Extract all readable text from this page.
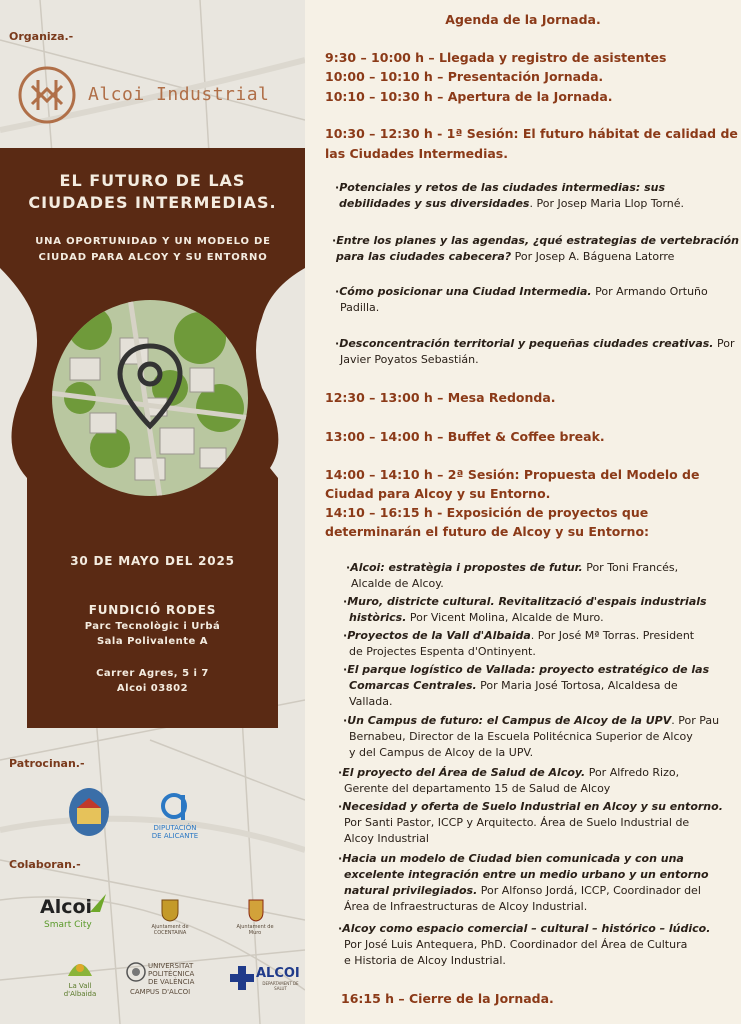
Organiza.-
Alcoi Industrial
EL FUTURO DE LAS
CIUDADES INTERMEDIAS.
UNA OPORTUNIDAD Y UN MODELO DE
CIUDAD PARA ALCOY Y SU ENTORNO
30 DE MAYO DEL 2025
FUNDICIÓ RODES
Parc Tecnològic i Urbá
Sala Polivalente A
Carrer Agres, 5 i 7
Alcoi 03802
Patrocinan.-
DIPUTACIÓN DE ALICANTE
Colaboran.-
Alcoi
Smart City	Ajuntament de COCENTAINA
Ajuntament de Muro
La Vall d'Albaida
UNIVERSITAT
POLITÈCNICA
DE VALÈNCIA
CAMPUS D'ALCOI
ALCOI
DEPARTAMENT DE SALUT
Agenda de la Jornada.
9:30 – 10:00 h – Llegada y registro de asistentes
10:00 – 10:10 h – Presentación Jornada.
10:10 – 10:30 h – Apertura de la Jornada.
10:30 – 12:30 h - 1ª Sesión: El futuro hábitat de calidad de
las Ciudades Intermedias.
·Potenciales y retos de las ciudades intermedias: sus
debilidades y sus diversidades. Por Josep Maria Llop Torné.
·Entre los planes y las agendas, ¿qué estrategias de vertebración
para las ciudades cabecera? Por Josep A. Báguena Latorre
·Cómo posicionar una Ciudad Intermedia. Por Armando Ortuño
Padilla.
·Desconcentración territorial y pequeñas ciudades creativas. Por
Javier Poyatos Sebastián.
12:30 – 13:00 h – Mesa Redonda.
13:00 – 14:00 h – Buffet & Coffee break.
14:00 – 14:10 h – 2ª Sesión: Propuesta del Modelo de
Ciudad para Alcoy y su Entorno.
14:10 – 16:15 h - Exposición de proyectos que
determinarán el futuro de Alcoy y su Entorno:
·Alcoi: estratègia i propostes de futur. Por Toni Francés,
Alcalde de Alcoy.
·Muro, districte cultural. Revitalització d'espais industrials
històrics. Por Vicent Molina, Alcalde de Muro.
·Proyectos de la Vall d'Albaida. Por José Mª Torras. President
de Projectes Espenta d'Ontinyent.
·El parque logístico de Vallada: proyecto estratégico de las
Comarcas Centrales. Por Maria José Tortosa, Alcaldesa de
Vallada.
·Un Campus de futuro: el Campus de Alcoy de la UPV. Por Pau
Bernabeu, Director de la Escuela Politécnica Superior de Alcoy
y del Campus de Alcoy de la UPV.
·El proyecto del Área de Salud de Alcoy. Por Alfredo Rizo,
Gerente del departamento 15 de Salud de Alcoy
·Necesidad y oferta de Suelo Industrial en Alcoy y su entorno.
Por Santi Pastor, ICCP y Arquitecto. Área de Suelo Industrial de
Alcoy Industrial
·Hacia un modelo de Ciudad bien comunicada y con una
excelente integración entre un medio urbano y un entorno
natural privilegiados. Por Alfonso Jordá, ICCP, Coordinador del
Área de Infraestructuras de Alcoy Industrial.
·Alcoy como espacio comercial – cultural – histórico – lúdico.
Por José Luis Antequera, PhD. Coordinador del Área de Cultura
e Historia de Alcoy Industrial.
16:15 h – Cierre de la Jornada.
